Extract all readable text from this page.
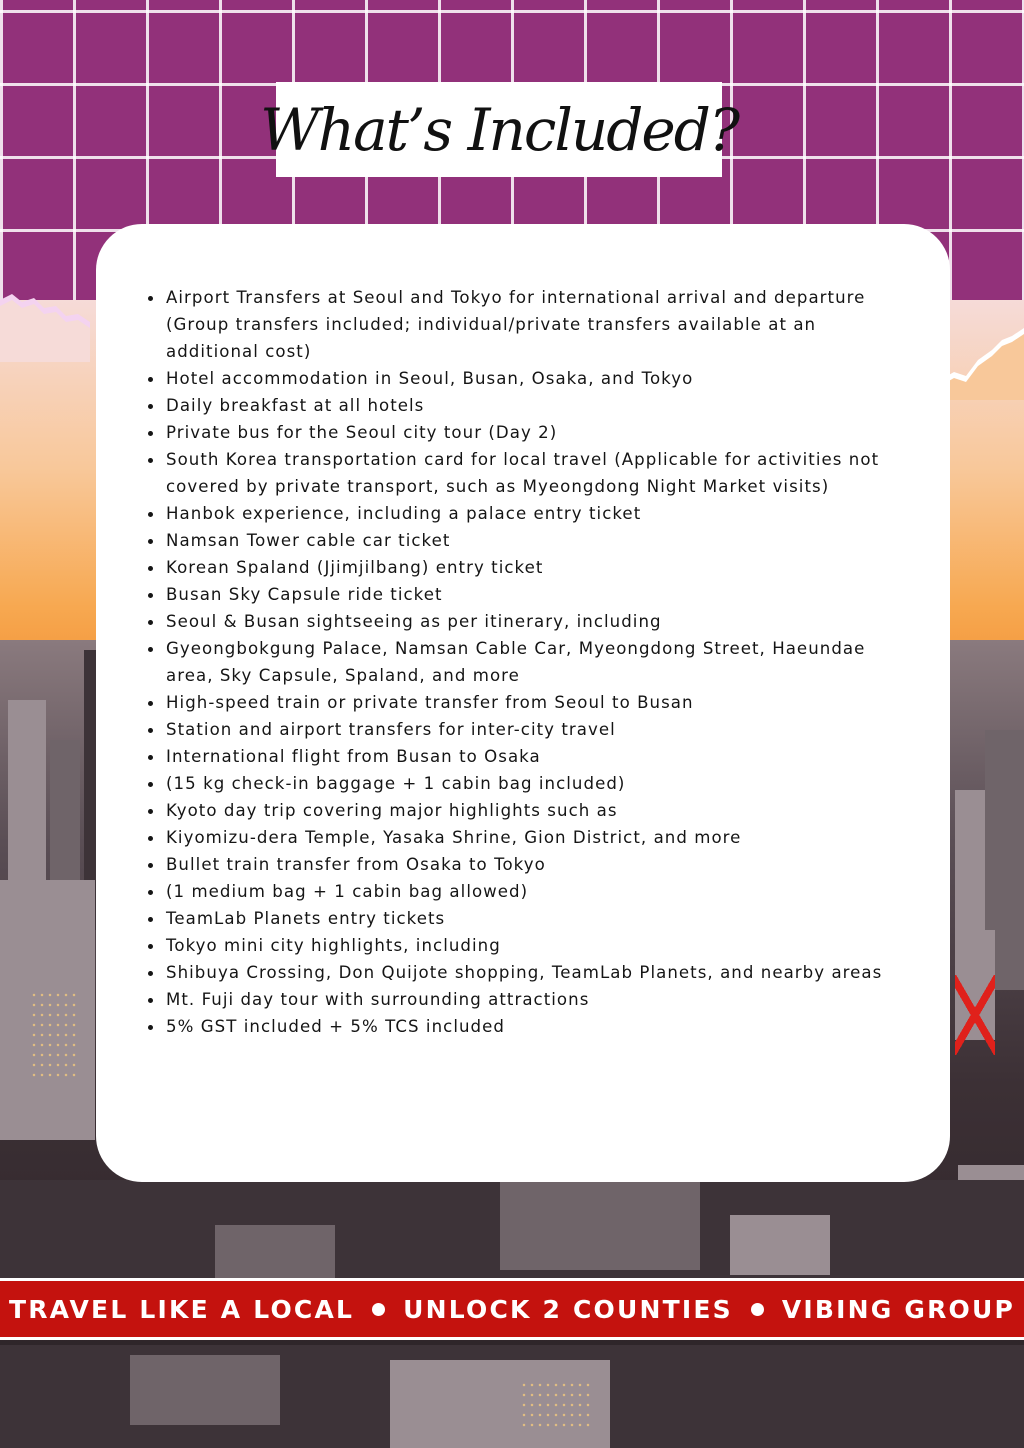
What’s Included?
Airport Transfers at Seoul and Tokyo for international arrival and departure (Group transfers included; individual/private transfers available at an additional cost)
Hotel accommodation in Seoul, Busan, Osaka, and Tokyo
Daily breakfast at all hotels
Private bus for the Seoul city tour (Day 2)
South Korea transportation card for local travel (Applicable for activities not covered by private transport, such as Myeongdong Night Market visits)
Hanbok experience, including a palace entry ticket
Namsan Tower cable car ticket
Korean Spaland (Jjimjilbang) entry ticket
Busan Sky Capsule ride ticket
Seoul & Busan sightseeing as per itinerary, including
Gyeongbokgung Palace, Namsan Cable Car, Myeongdong Street, Haeundae area, Sky Capsule, Spaland, and more
High-speed train or private transfer from Seoul to Busan
Station and airport transfers for inter-city travel
International flight from Busan to Osaka
(15 kg check-in baggage + 1 cabin bag included)
Kyoto day trip covering major highlights such as
Kiyomizu-dera Temple, Yasaka Shrine, Gion District, and more
Bullet train transfer from Osaka to Tokyo
(1 medium bag + 1 cabin bag allowed)
TeamLab Planets entry tickets
Tokyo mini city highlights, including
Shibuya Crossing, Don Quijote shopping, TeamLab Planets, and nearby areas
Mt. Fuji day tour with surrounding attractions
5% GST included + 5% TCS included
TRAVEL LIKE A LOCAL UNLOCK 2 COUNTIES VIBING GROUP
